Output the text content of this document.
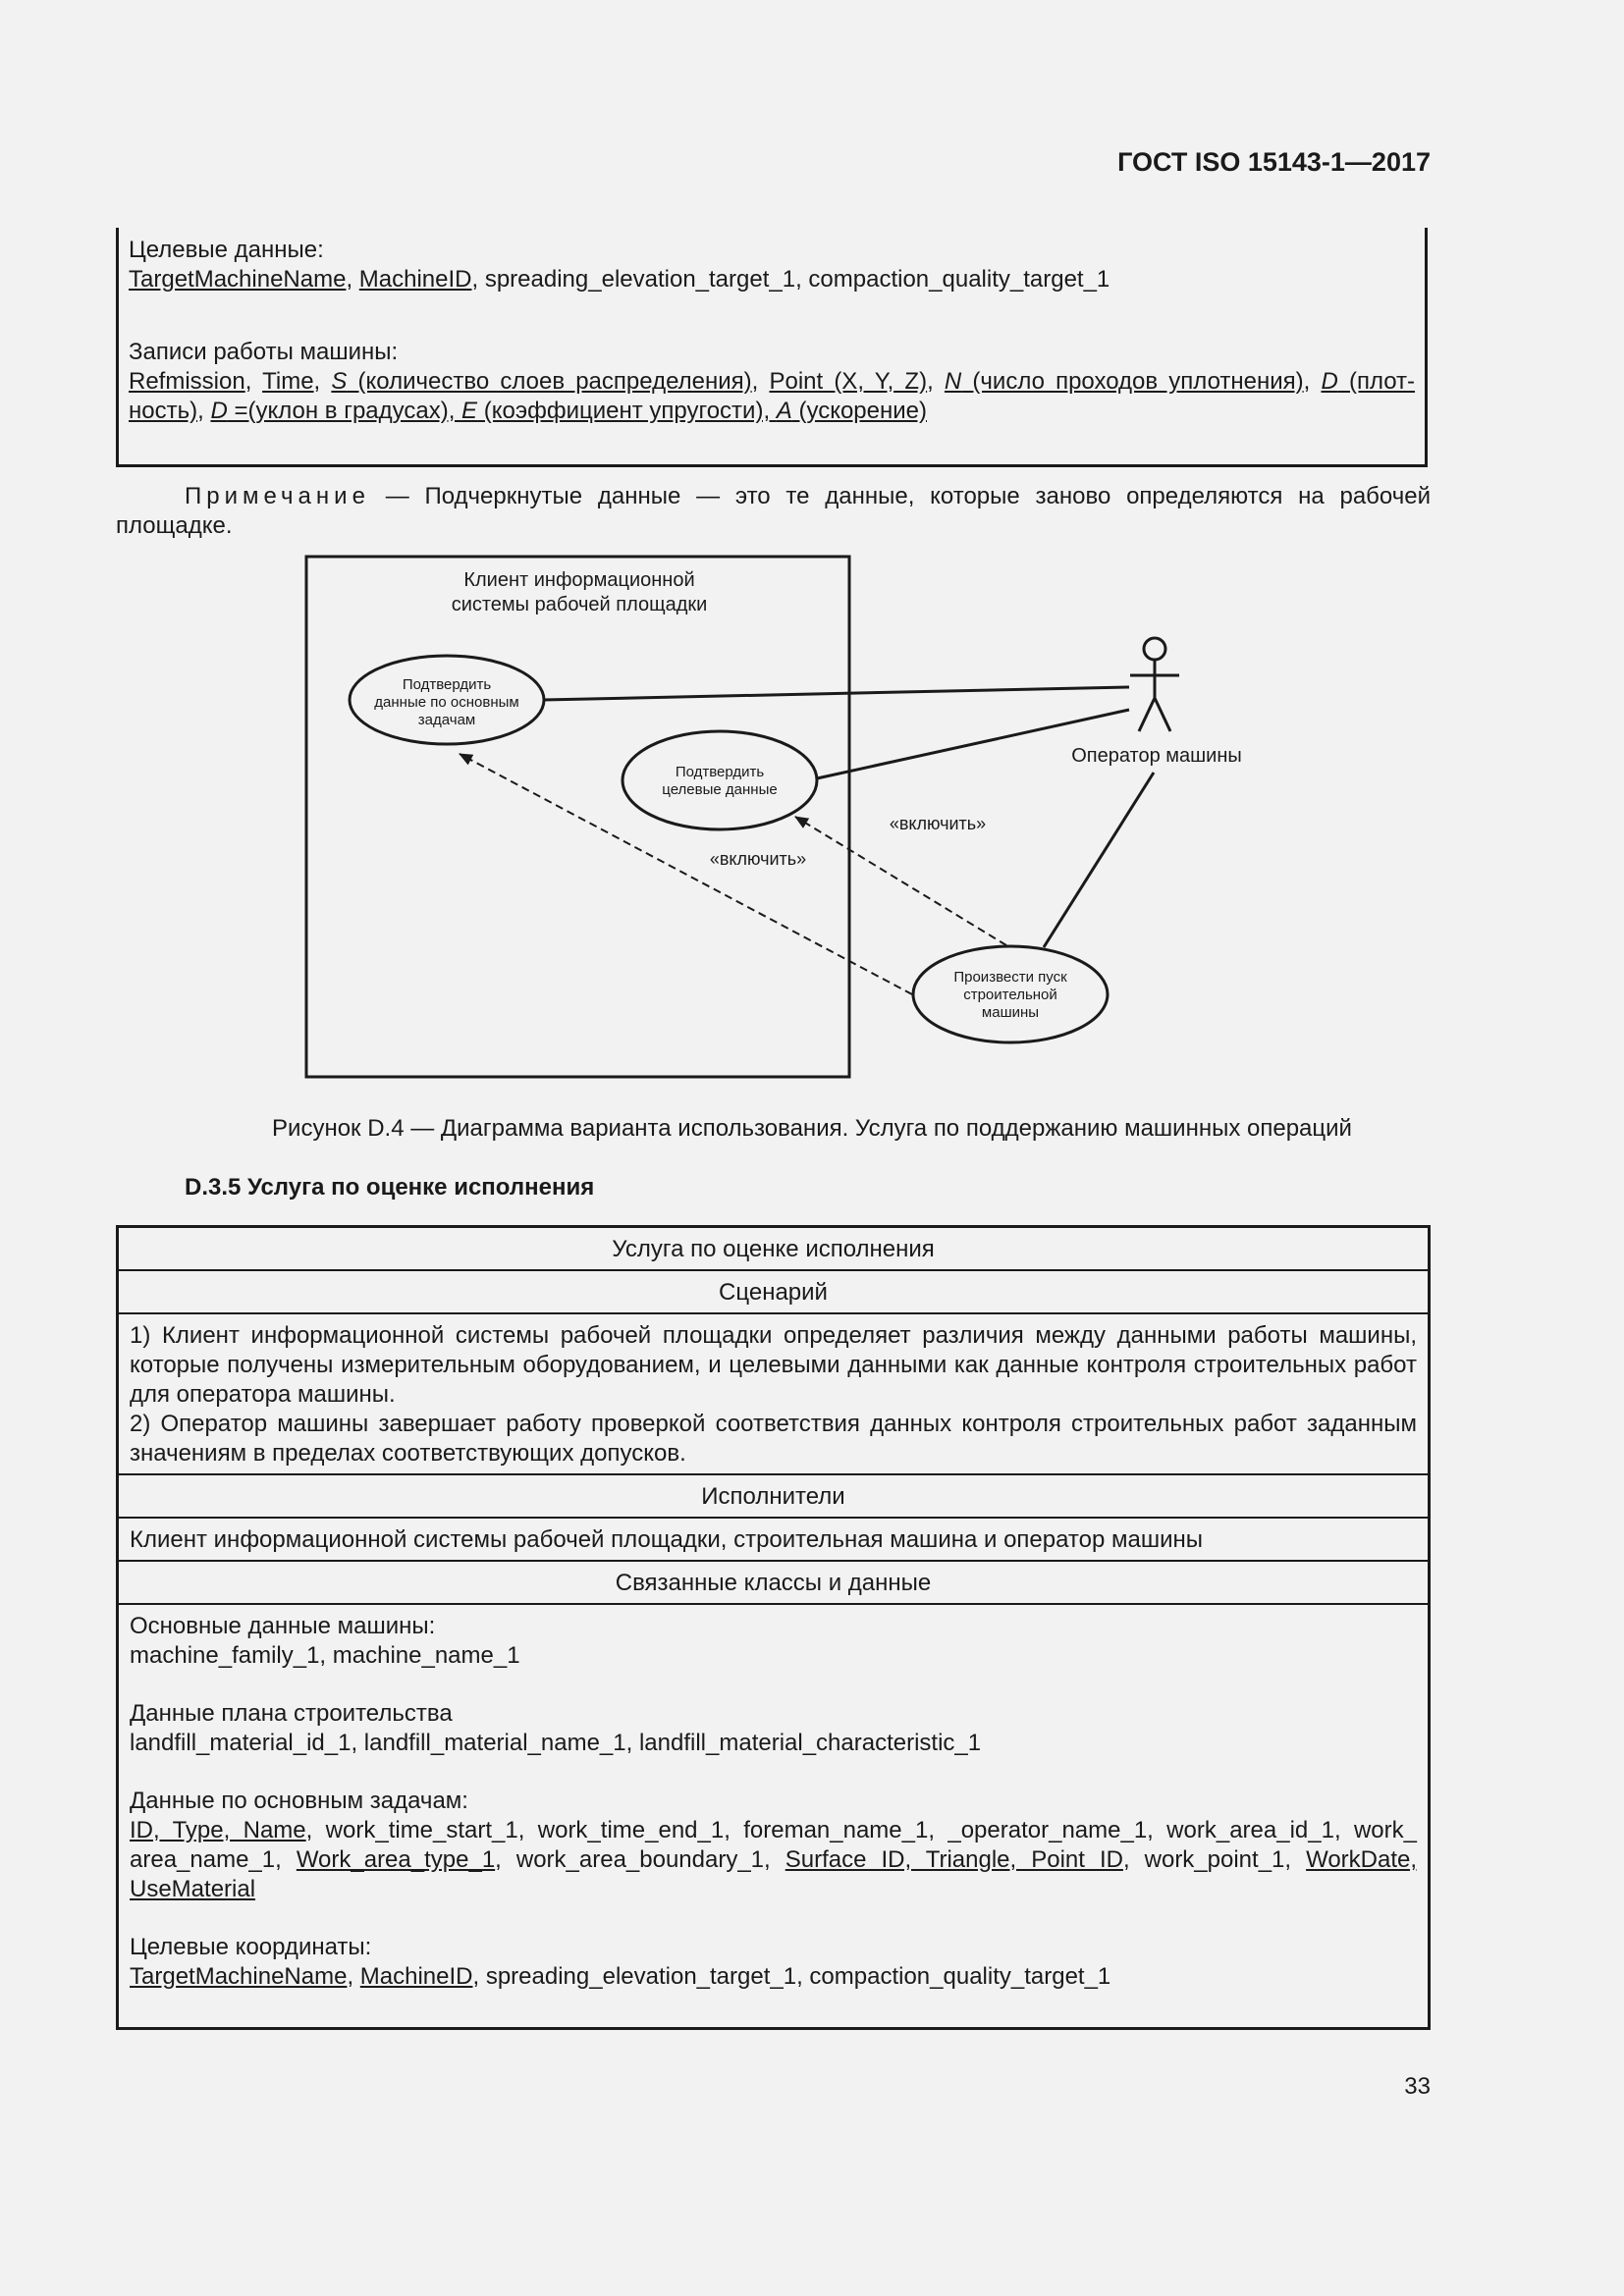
ГОСТ ISO 15143-1—2017
Целевые данные:
TargetMachineName, MachineID, spreading_elevation_target_1, compaction_quality_target_1
Записи работы машины:
Refmission, Time, S (количество слоев распределения), Point (X, Y, Z), N (число проходов уплотнения), D (плот-ность), D =(уклон в градусах), E (коэффициент упругости), A (ускорение)
Примечание — Подчеркнутые данные — это те данные, которые заново определяются на рабочей площадке.
Клиент информационной
системы рабочей площадки
Подтвердить
данные по основным
задачам
Подтвердить
целевые данные
Произвести пуск
строительной
машины
«включить»
«включить»
Оператор машины
Рисунок D.4 — Диаграмма варианта использования. Услуга по поддержанию машинных операций
D.3.5 Услуга по оценке исполнения
Услуга по оценке исполнения
Сценарий
1) Клиент информационной системы рабочей площадки определяет различия между данными работы машины, которые получены измерительным оборудованием, и целевыми данными как данные контроля строительных работ для оператора машины.
2) Оператор машины завершает работу проверкой соответствия данных контроля строительных работ заданным значениям в пределах соответствующих допусков.
Исполнители
Клиент информационной системы рабочей площадки, строительная машина и оператор машины
Связанные классы и данные
Основные данные машины:
machine_family_1, machine_name_1
Данные плана строительства
landfill_material_id_1, landfill_material_name_1, landfill_material_characteristic_1
Данные по основным задачам:
ID, Type, Name, work_time_start_1, work_time_end_1, foreman_name_1, _operator_name_1, work_area_id_1, work_ area_name_1, Work_area_type_1, work_area_boundary_1, Surface ID, Triangle, Point ID, work_point_1, WorkDate, UseMaterial
Целевые координаты:
TargetMachineName, MachineID, spreading_elevation_target_1, compaction_quality_target_1
33
